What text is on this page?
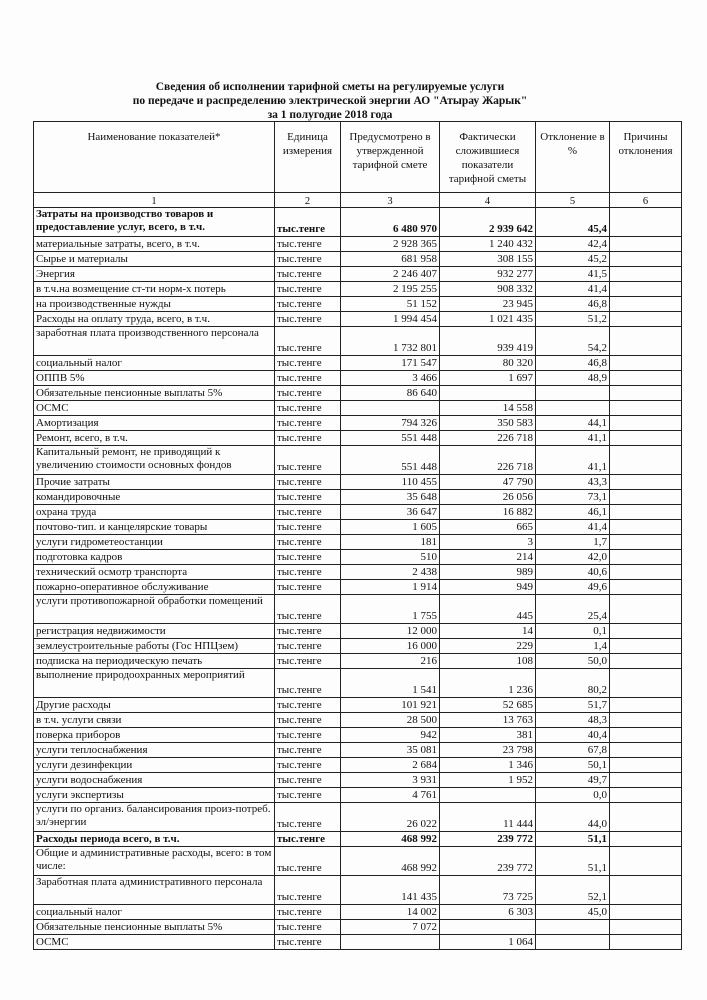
Сведения об исполнении тарифной сметы на регулируемые услуги
по передаче и распределению электрической энергии АО "Атырау Жарык"
за 1 полугодие 2018 года
Наименование показателей*	Единица измерения	Предусмотрено в утвержденной тарифной смете	Фактически сложившиеся показатели тарифной сметы	Отклонение в %	Причины отклонения
1	2	3	4	5	6
Затраты на производство товаров и предоставление услуг, всего, в т.ч.	тыс.тенге	6 480 970	2 939 642	45,4	
материальные затраты, всего, в т.ч.	тыс.тенге	2 928 365	1 240 432	42,4	
Сырье и материалы	тыс.тенге	681 958	308 155	45,2	
Энергия	тыс.тенге	2 246 407	932 277	41,5	
в т.ч.на возмещение ст-ти норм-х потерь	тыс.тенге	2 195 255	908 332	41,4	
на производственные нужды	тыс.тенге	51 152	23 945	46,8	
Расходы на оплату труда, всего, в т.ч.	тыс.тенге	1 994 454	1 021 435	51,2	
заработная плата производственного персонала	тыс.тенге	1 732 801	939 419	54,2	
социальный налог	тыс.тенге	171 547	80 320	46,8	
ОППВ 5%	тыс.тенге	3 466	1 697	48,9	
Обязательные пенсионные выплаты 5%	тыс.тенге	86 640			
ОСМС	тыс.тенге		14 558		
Амортизация	тыс.тенге	794 326	350 583	44,1	
Ремонт, всего, в т.ч.	тыс.тенге	551 448	226 718	41,1	
Капитальный ремонт, не приводящий к увеличению стоимости основных фондов	тыс.тенге	551 448	226 718	41,1	
Прочие затраты	тыс.тенге	110 455	47 790	43,3	
командировочные	тыс.тенге	35 648	26 056	73,1	
охрана труда	тыс.тенге	36 647	16 882	46,1	
почтово-тип. и канцелярские товары	тыс.тенге	1 605	665	41,4	
услуги гидрометеостанции	тыс.тенге	181	3	1,7	
подготовка кадров	тыс.тенге	510	214	42,0	
технический осмотр транспорта	тыс.тенге	2 438	989	40,6	
пожарно-оперативное обслуживание	тыс.тенге	1 914	949	49,6	
услуги противопожарной обработки помещений	тыс.тенге	1 755	445	25,4	
регистрация недвижимости	тыс.тенге	12 000	14	0,1	
землеустроительные работы (Гос НПЦзем)	тыс.тенге	16 000	229	1,4	
подписка на периодическую печать	тыс.тенге	216	108	50,0	
выполнение природоохранных мероприятий	тыс.тенге	1 541	1 236	80,2	
Другие расходы	тыс.тенге	101 921	52 685	51,7	
в т.ч. услуги связи	тыс.тенге	28 500	13 763	48,3	
поверка приборов	тыс.тенге	942	381	40,4	
услуги теплоснабжения	тыс.тенге	35 081	23 798	67,8	
услуги дезинфекции	тыс.тенге	2 684	1 346	50,1	
услуги водоснабжения	тыс.тенге	3 931	1 952	49,7	
услуги экспертизы	тыс.тенге	4 761		0,0	
услуги по организ. балансирования произ-потреб. эл/энергии	тыс.тенге	26 022	11 444	44,0	
Расходы периода всего, в т.ч.	тыс.тенге	468 992	239 772	51,1	
Общие и административные расходы, всего: в том числе:	тыс.тенге	468 992	239 772	51,1	
Заработная плата административного персонала	тыс.тенге	141 435	73 725	52,1	
социальный налог	тыс.тенге	14 002	6 303	45,0	
Обязательные пенсионные выплаты 5%	тыс.тенге	7 072			
ОСМС	тыс.тенге		1 064		
